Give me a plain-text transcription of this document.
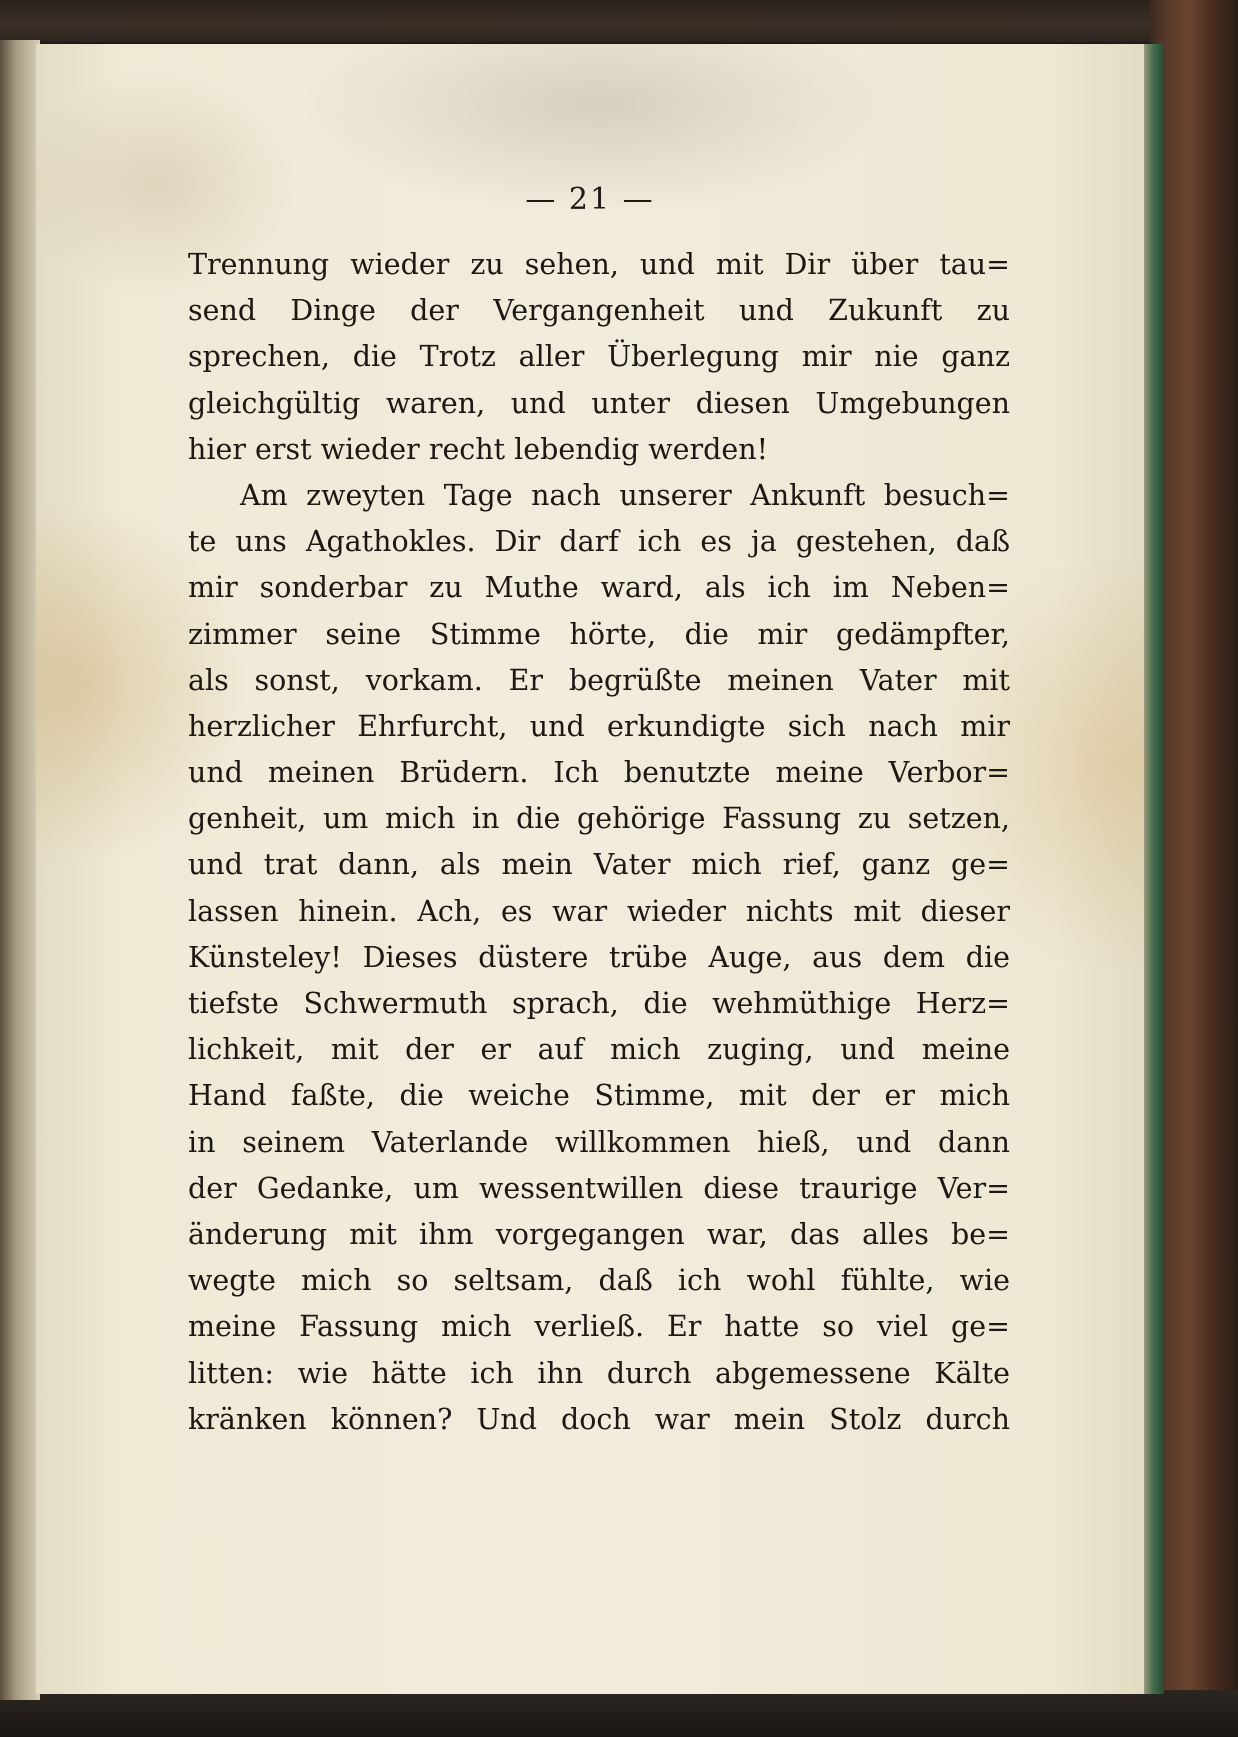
— 21 —
Trennung wieder zu sehen, und mit Dir über tau=
send Dinge der Vergangenheit und Zukunft zu
sprechen, die Trotz aller Überlegung mir nie ganz
gleichgültig waren, und unter diesen Umgebungen
hier erst wieder recht lebendig werden!
Am zweyten Tage nach unserer Ankunft besuch=
te uns Agathokles. Dir darf ich es ja gestehen, daß
mir sonderbar zu Muthe ward, als ich im Neben=
zimmer seine Stimme hörte, die mir gedämpfter,
als sonst, vorkam. Er begrüßte meinen Vater mit
herzlicher Ehrfurcht, und erkundigte sich nach mir
und meinen Brüdern. Ich benutzte meine Verbor=
genheit, um mich in die gehörige Fassung zu setzen,
und trat dann, als mein Vater mich rief, ganz ge=
lassen hinein. Ach, es war wieder nichts mit dieser
Künsteley! Dieses düstere trübe Auge, aus dem die
tiefste Schwermuth sprach, die wehmüthige Herz=
lichkeit, mit der er auf mich zuging, und meine
Hand faßte, die weiche Stimme, mit der er mich
in seinem Vaterlande willkommen hieß, und dann
der Gedanke, um wessentwillen diese traurige Ver=
änderung mit ihm vorgegangen war, das alles be=
wegte mich so seltsam, daß ich wohl fühlte, wie
meine Fassung mich verließ. Er hatte so viel ge=
litten: wie hätte ich ihn durch abgemessene Kälte
kränken können? Und doch war mein Stolz durch
